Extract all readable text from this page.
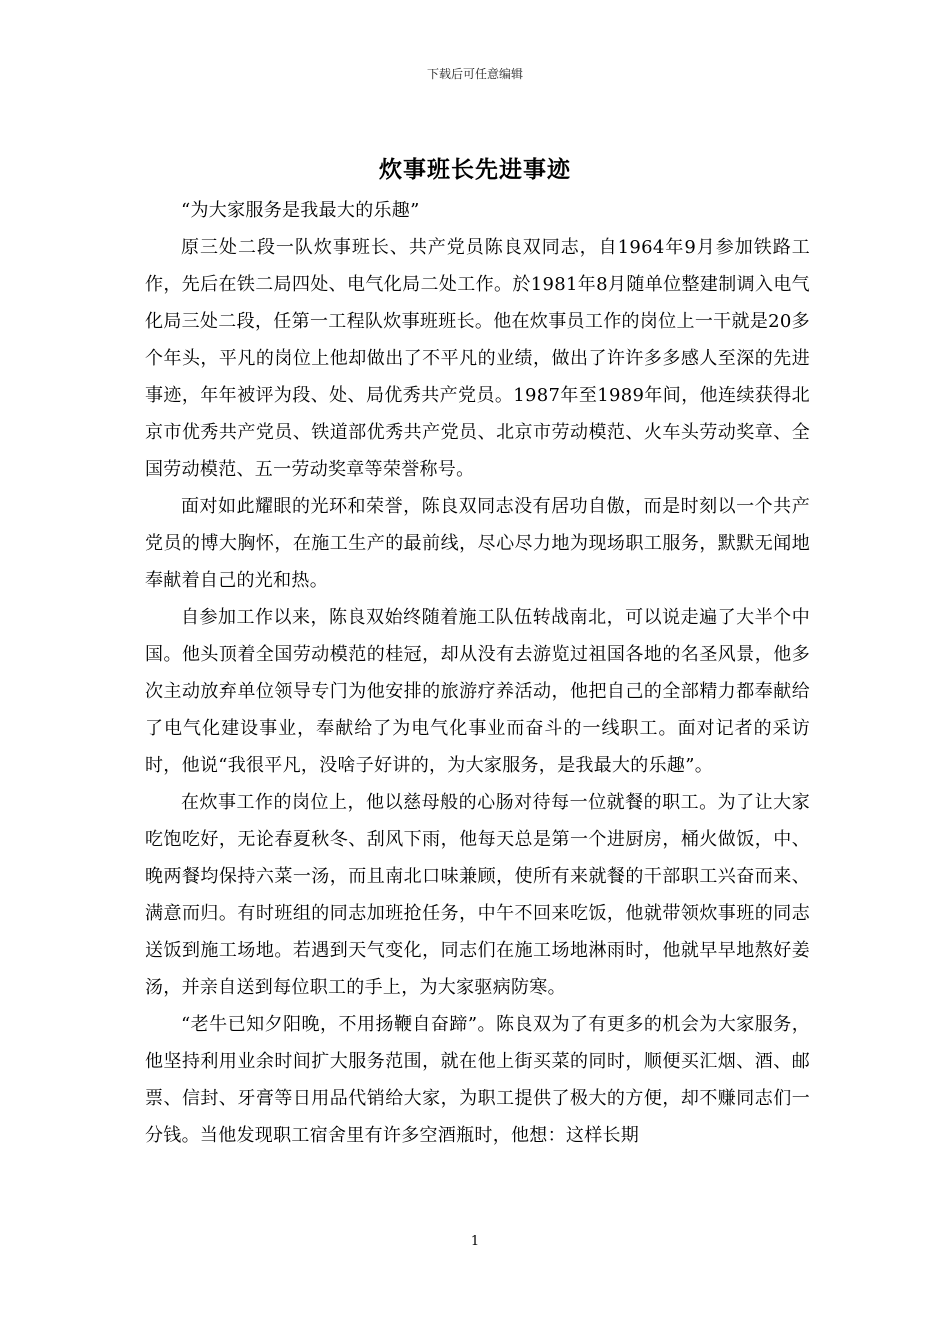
下载后可任意编辑
炊事班长先进事迹

“为大家服务是我最大的乐趣”

原三处二段一队炊事班长、共产党员陈良双同志，自1964年9月参加铁路工作，先后在铁二局四处、电气化局二处工作。於1981年8月随单位整建制调入电气化局三处二段，任第一工程队炊事班班长。他在炊事员工作的岗位上一干就是20多个年头，平凡的岗位上他却做出了不平凡的业绩，做出了许许多多感人至深的先进事迹，年年被评为段、处、局优秀共产党员。1987年至1989年间，他连续获得北京市优秀共产党员、铁道部优秀共产党员、北京市劳动模范、火车头劳动奖章、全国劳动模范、五一劳动奖章等荣誉称号。

面对如此耀眼的光环和荣誉，陈良双同志没有居功自傲，而是时刻以一个共产党员的博大胸怀，在施工生产的最前线，尽心尽力地为现场职工服务，默默无闻地奉献着自己的光和热。

自参加工作以来，陈良双始终随着施工队伍转战南北，可以说走遍了大半个中国。他头顶着全国劳动模范的桂冠，却从没有去游览过祖国各地的名圣风景，他多次主动放弃单位领导专门为他安排的旅游疗养活动，他把自己的全部精力都奉献给了电气化建设事业，奉献给了为电气化事业而奋斗的一线职工。面对记者的采访时，他说“我很平凡，没啥子好讲的，为大家服务，是我最大的乐趣”。

在炊事工作的岗位上，他以慈母般的心肠对待每一位就餐的职工。为了让大家吃饱吃好，无论春夏秋冬、刮风下雨，他每天总是第一个进厨房，桶火做饭，中、晚两餐均保持六菜一汤，而且南北口味兼顾，使所有来就餐的干部职工兴奋而来、满意而归。有时班组的同志加班抢任务，中午不回来吃饭，他就带领炊事班的同志送饭到施工场地。若遇到天气变化，同志们在施工场地淋雨时，他就早早地熬好姜汤，并亲自送到每位职工的手上，为大家驱病防寒。

“老牛已知夕阳晚，不用扬鞭自奋蹄”。陈良双为了有更多的机会为大家服务，他坚持利用业余时间扩大服务范围，就在他上街买菜的同时，顺便买汇烟、酒、邮票、信封、牙膏等日用品代销给大家，为职工提供了极大的方便，却不赚同志们一分钱。当他发现职工宿舍里有许多空酒瓶时，他想：这样长期

1
